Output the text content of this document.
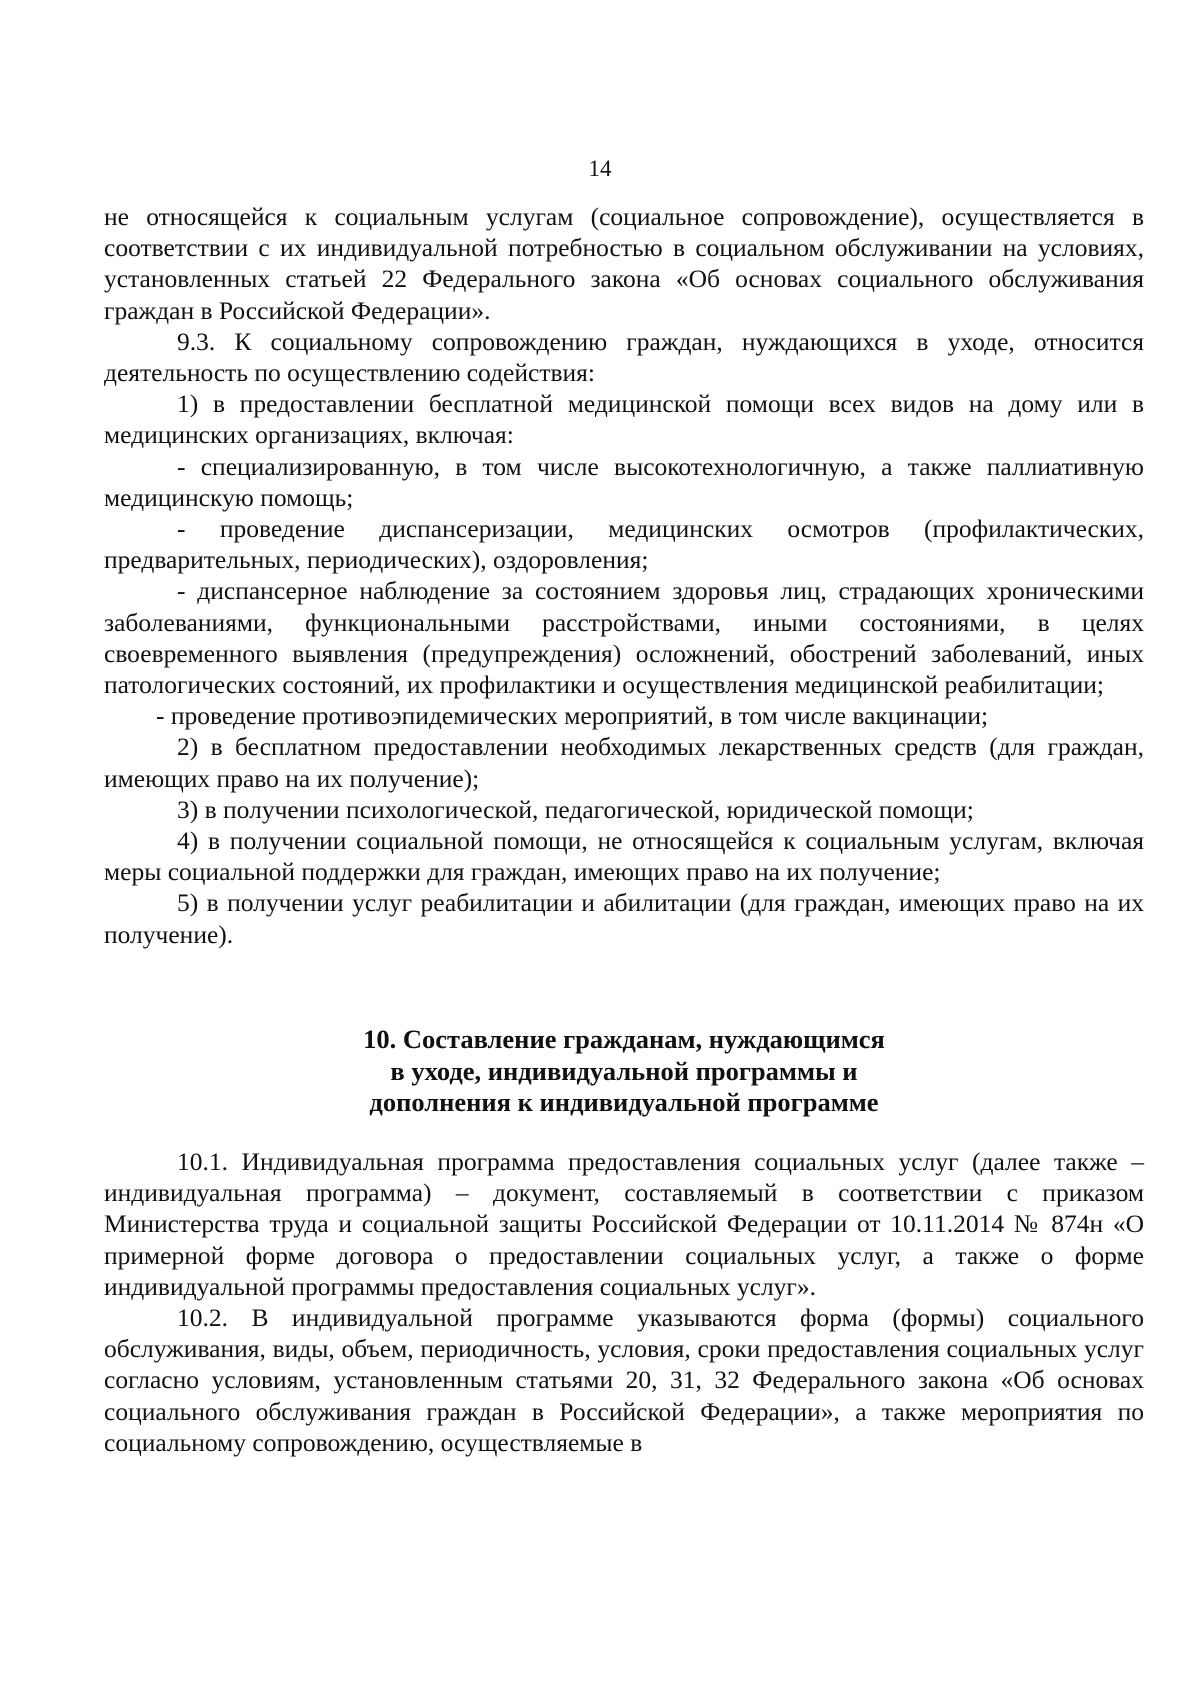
14

не относящейся к социальным услугам (социальное сопровождение), осуществляется в соответствии с их индивидуальной потребностью в социальном обслуживании на условиях, установленных статьей 22 Федерального закона «Об основах социального обслуживания граждан в Российской Федерации».

9.3. К социальному сопровождению граждан, нуждающихся в уходе, относится деятельность по осуществлению содействия:

1) в предоставлении бесплатной медицинской помощи всех видов на дому или в медицинских организациях, включая:

- специализированную, в том числе высокотехнологичную, а также паллиативную медицинскую помощь;

- проведение диспансеризации, медицинских осмотров (профилактических, предварительных, периодических), оздоровления;

- диспансерное наблюдение за состоянием здоровья лиц, страдающих хроническими заболеваниями, функциональными расстройствами, иными состояниями, в целях своевременного выявления (предупреждения) осложнений, обострений заболеваний, иных патологических состояний, их профилактики и осуществления медицинской реабилитации;

- проведение противоэпидемических мероприятий, в том числе вакцинации;

2) в бесплатном предоставлении необходимых лекарственных средств (для граждан, имеющих право на их получение);

3) в получении психологической, педагогической, юридической помощи;

4) в получении социальной помощи, не относящейся к социальным услугам, включая меры социальной поддержки для граждан, имеющих право на их получение;

5) в получении услуг реабилитации и абилитации (для граждан, имеющих право на их получение).

10. Составление гражданам, нуждающимся
в уходе, индивидуальной программы и
дополнения к индивидуальной программе

10.1. Индивидуальная программа предоставления социальных услуг (далее также – индивидуальная программа) – документ, составляемый в соответствии с приказом Министерства труда и социальной защиты Российской Федерации от 10.11.2014 № 874н «О примерной форме договора о предоставлении социальных услуг, а также о форме индивидуальной программы предоставления социальных услуг».

10.2. В индивидуальной программе указываются форма (формы) социального обслуживания, виды, объем, периодичность, условия, сроки предоставления социальных услуг согласно условиям, установленным статьями 20, 31, 32 Федерального закона «Об основах социального обслуживания граждан в Российской Федерации», а также мероприятия по социальному сопровождению, осуществляемые в
